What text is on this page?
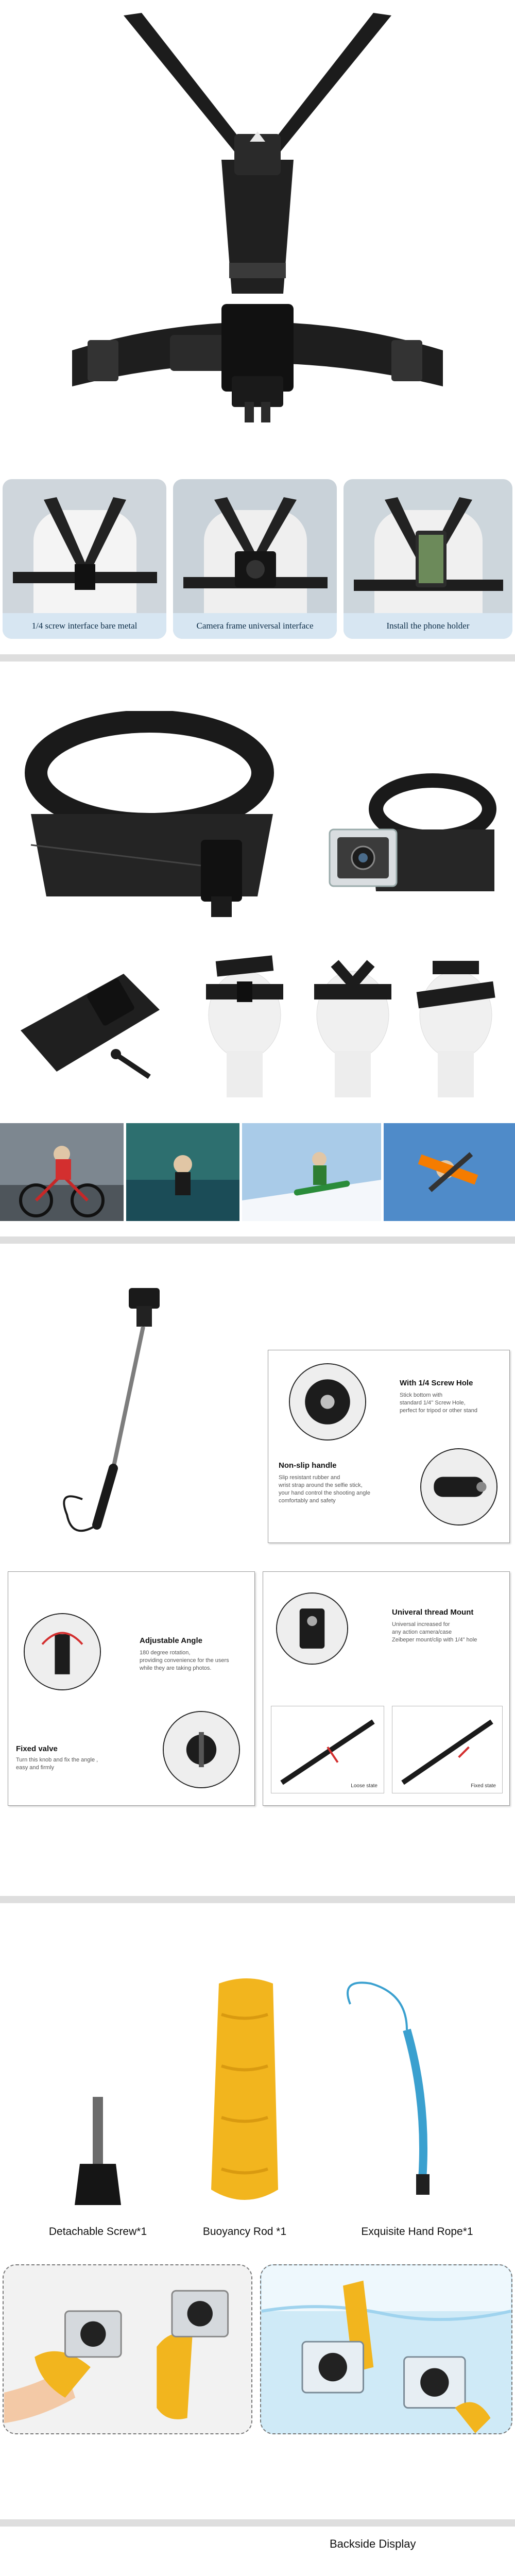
1/4 screw interface bare metal	Camera frame universal interface	Install the phone holder
With 1/4 Screw Hole
Stick bottom with
standard 1/4'' Screw Hole,
perfect for tripod or other stand
Non-slip handle
Slip resistant rubber and
wrist strap around the selfie stick,
your hand control the shooting angle
comfortably and safety
Adjustable Angle
180 degree rotation,
providing convenience for the users
while they are taking photos.
Fixed valve
Turn this knob and fix the angle ,
easy and firmly
Univeral thread Mount
Universal increased for
any action camera/case
Zeibeper mount/clip with 1/4" hole
Loose state	Fixed state
Detachable Screw*1	Buoyancy Rod *1	Exquisite Hand Rope*1
Backside Display
